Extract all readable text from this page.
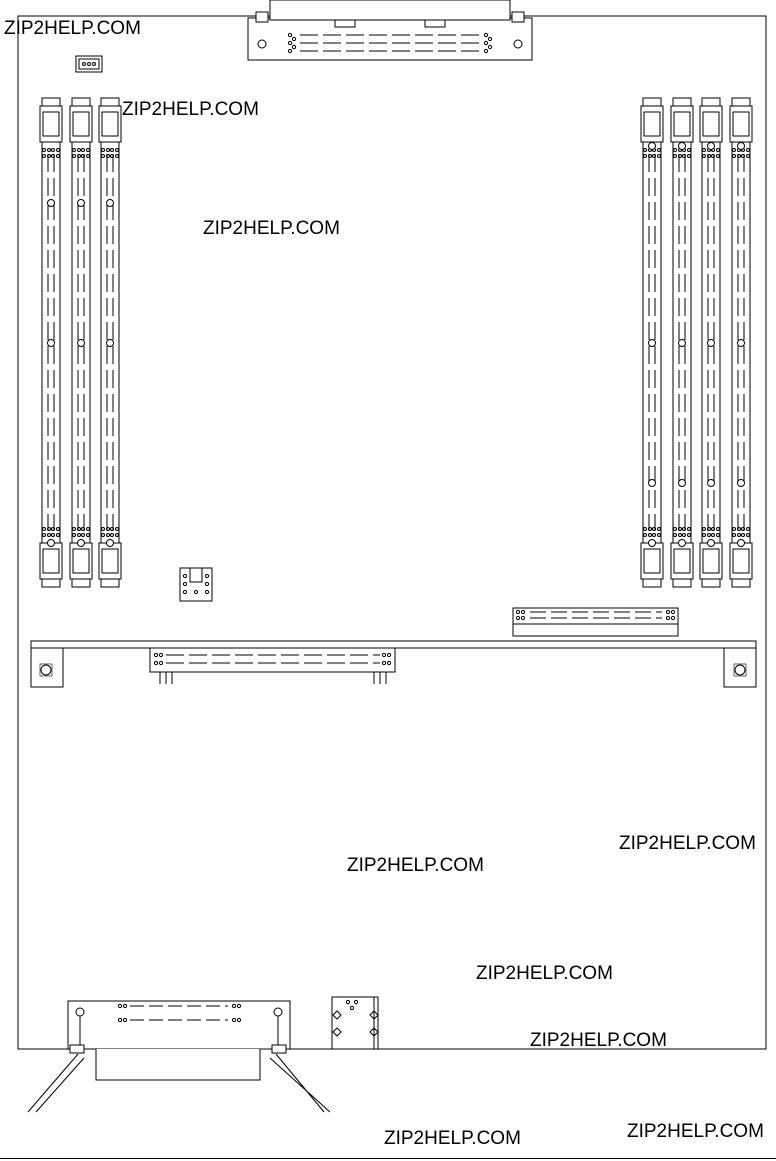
ZIP2HELP.COM
ZIP2HELP.COM
ZIP2HELP.COM
ZIP2HELP.COM
ZIP2HELP.COM
ZIP2HELP.COM
ZIP2HELP.COM
ZIP2HELP.COM
ZIP2HELP.COM
